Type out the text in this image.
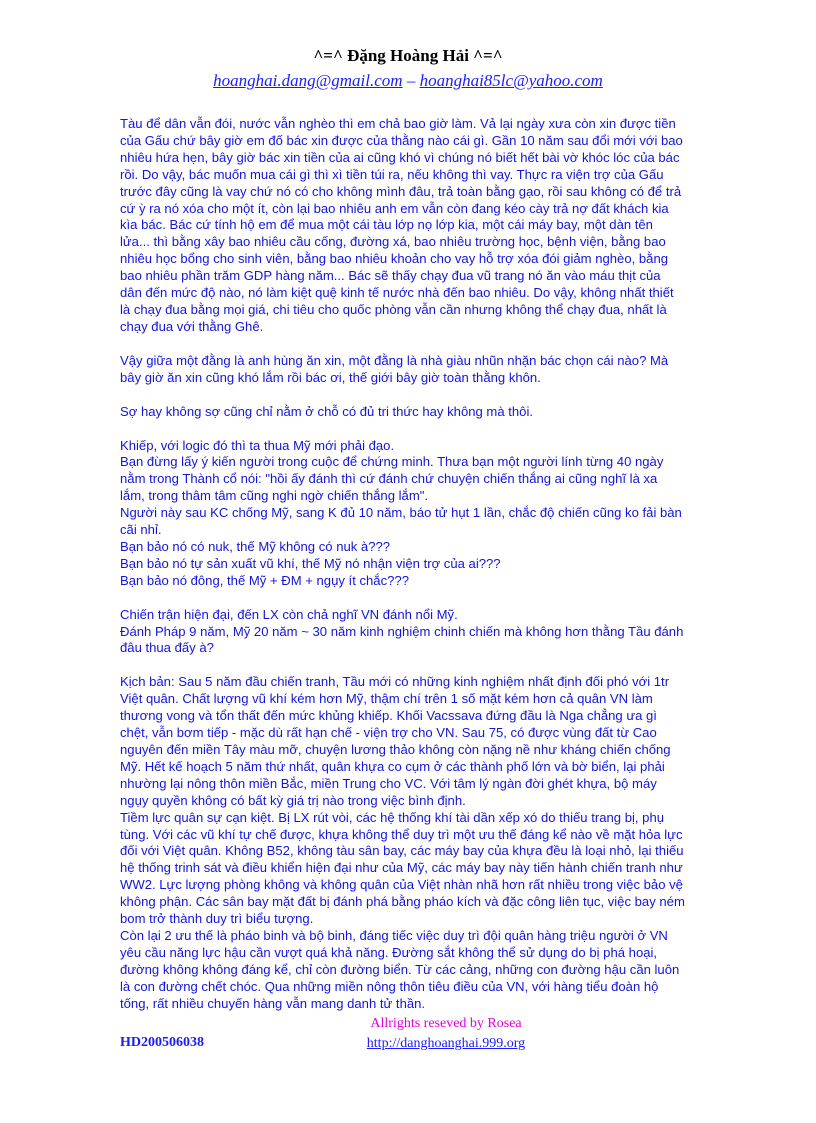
^=^ Đặng Hoàng Hải ^=^
hoanghai.dang@gmail.com – hoanghai85lc@yahoo.com
Tàu để dân vẫn đói, nước vẫn nghèo thì em chả bao giờ làm. Vả lại ngày xưa còn xin được tiền
của Gấu chứ bây giờ em đố bác xin được của thằng nào cái gì. Gần 10 năm sau đổi mới với bao
nhiêu hứa hẹn, bây giờ bác xin tiền của ai cũng khó vì chúng nó biết hết bài vờ khóc lóc của bác
rồi. Do vậy, bác muốn mua cái gì thì xì tiền túi ra, nếu không thì vay. Thực ra viện trợ của Gấu
trước đây cũng là vay chứ nó có cho không mình đâu, trả toàn bằng gạo, rồi sau không có để trả
cứ ỳ ra nó xóa cho một ít, còn lại bao nhiêu anh em vẫn còn đang kéo cày trả nợ đất khách kia
kìa bác. Bác cứ tính hộ em để mua một cái tàu lớp nọ lớp kia, một cái máy bay, một dàn tên
lửa... thì bằng xây bao nhiêu cầu cống, đường xá, bao nhiêu trường học, bệnh viện, bằng bao
nhiêu học bổng cho sinh viên, bằng bao nhiêu khoản cho vay hỗ trợ xóa đói giảm nghèo, bằng
bao nhiêu phần trăm GDP hàng năm... Bác sẽ thấy chạy đua vũ trang nó ăn vào máu thịt của
dân đến mức độ nào, nó làm kiệt quệ kinh tế nước nhà đến bao nhiêu. Do vậy, không nhất thiết
là chạy đua bằng mọi giá, chi tiêu cho quốc phòng vẫn cần nhưng không thể chạy đua, nhất là
chạy đua với thằng Ghê.
Vậy giữa một đằng là anh hùng ăn xin, một đằng là nhà giàu nhũn nhặn bác chọn cái nào? Mà
bây giờ ăn xin cũng khó lắm rồi bác ơi, thế giới bây giờ toàn thằng khôn.
Sợ hay không sợ cũng chỉ nằm ở chỗ có đủ tri thức hay không mà thôi.
Khiếp, với logic đó thì ta thua Mỹ mới phải đạo.
Bạn đừng lấy ý kiến người trong cuộc để chứng minh. Thưa bạn một người lính từng 40 ngày
nằm trong Thành cổ nói: "hồi ấy đánh thì cứ đánh chứ chuyện chiến thắng ai cũng nghĩ là xa
lắm, trong thâm tâm cũng nghi ngờ chiến thắng lắm".
Người này sau KC chống Mỹ, sang K đủ 10 năm, báo tử hụt 1 lần, chắc độ chiến cũng ko fải bàn
cãi nhỉ.
Bạn bảo nó có nuk, thế Mỹ không có nuk à???
Bạn bảo nó tự sản xuất vũ khí, thế Mỹ nó nhận viện trợ của ai???
Bạn bảo nó đông, thế Mỹ + ĐM + ngụy ít chắc???
Chiến trận hiện đại, đến LX còn chả nghĩ VN đánh nổi Mỹ.
Đánh Pháp 9 năm, Mỹ 20 năm ~ 30 năm kinh nghiệm chinh chiến mà không hơn thằng Tầu đánh
đâu thua đấy à?
Kịch bản: Sau 5 năm đầu chiến tranh, Tầu mới có những kinh nghiệm nhất định đối phó với 1tr
Việt quân. Chất lượng vũ khí kém hơn Mỹ, thậm chí trên 1 số mặt kém hơn cả quân VN làm
thương vong và tổn thất đến mức khủng khiếp. Khối Vacssava đứng đầu là Nga chẳng ưa gì
chệt, vẫn bơm tiếp - mặc dù rất hạn chế - viện trợ cho VN. Sau 75, có được vùng đất từ Cao
nguyên đến miền Tây màu mỡ, chuyện lương thảo không còn nặng nề như kháng chiến chống
Mỹ. Hết kế hoạch 5 năm thứ nhất, quân khựa co cụm ở các thành phố lớn và bờ biển, lại phải
nhường lại nông thôn miền Bắc, miền Trung cho VC. Với tâm lý ngàn đời ghét khựa, bộ máy
ngụy quyền không có bất kỳ giá trị nào trong việc bình định.
Tiềm lực quân sự cạn kiệt. Bị LX rút vòi, các hệ thống khí tài dần xếp xó do thiếu trang bị, phụ
tùng. Với các vũ khí tự chế được, khựa không thể duy trì một ưu thế đáng kể nào về mặt hỏa lực
đối với Việt quân. Không B52, không tàu sân bay, các máy bay của khựa đều là loại nhỏ, lại thiếu
hệ thống trinh sát và điều khiển hiện đại như của Mỹ, các máy bay này tiến hành chiến tranh như
WW2. Lực lượng phòng không và không quân của Việt nhàn nhã hơn rất nhiều trong việc bảo vệ
không phận. Các sân bay mặt đất bị đánh phá bằng pháo kích và đặc công liên tục, việc bay ném
bom trở thành duy trì biểu tượng.
Còn lại 2 ưu thế là pháo binh và bộ binh, đáng tiếc việc duy trì đội quân hàng triệu người ở VN
yêu cầu năng lực hậu cần vượt quá khả năng. Đường sắt không thể sử dụng do bị phá hoại,
đường không không đáng kể, chỉ còn đường biển. Từ các cảng, những con đường hậu cần luôn
là con đường chết chóc. Qua những miền nông thôn tiêu điều của VN, với hàng tiểu đoàn hộ
tống, rất nhiều chuyến hàng vẫn mang danh tử thần.
HD200506038
Allrights reseved by Rosea
http://danghoanghai.999.org
